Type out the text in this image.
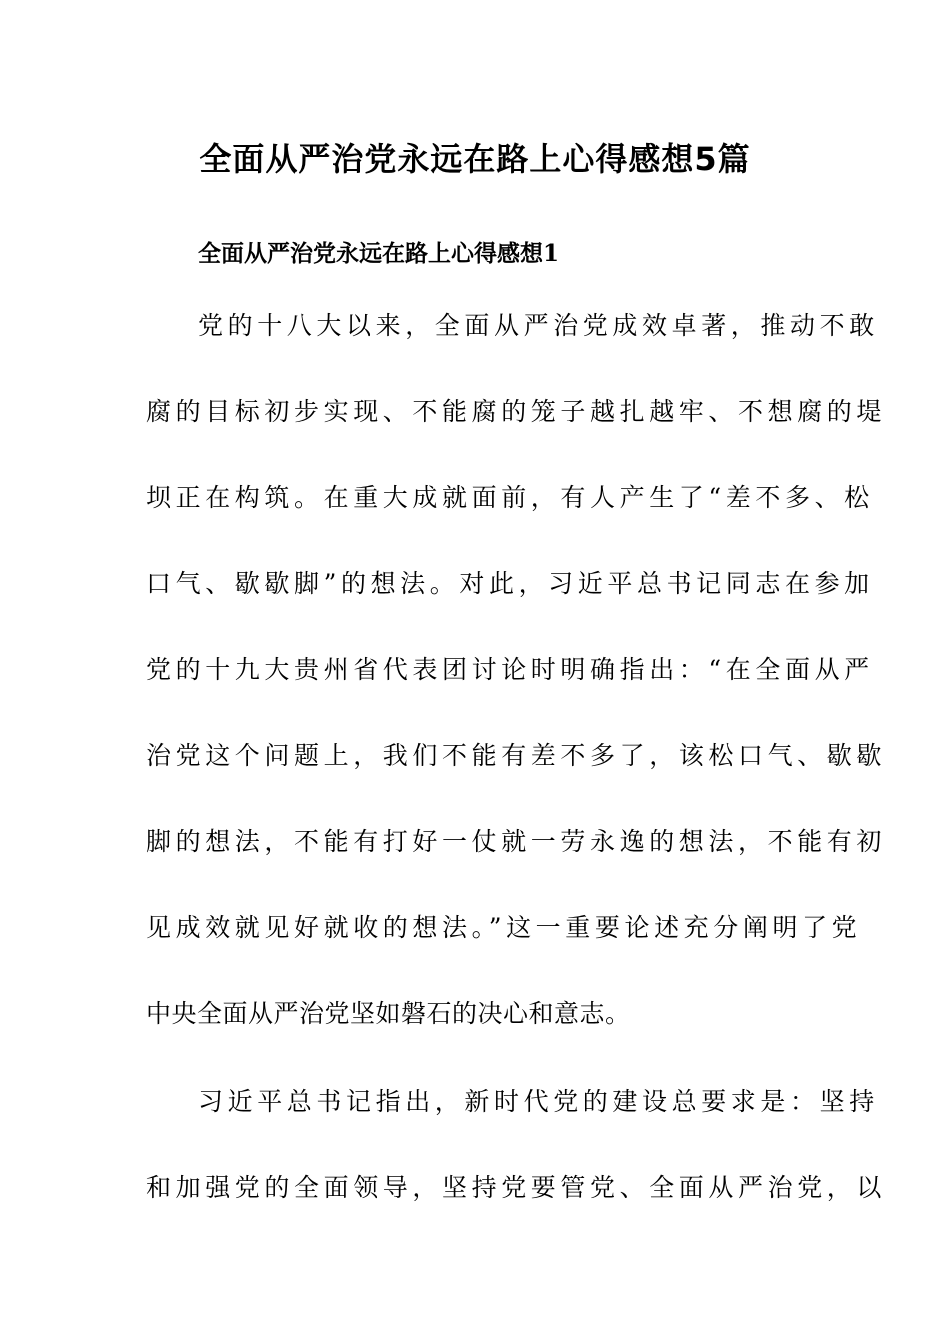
全面从严治党永远在路上心得感想5篇
全面从严治党永远在路上心得感想1
党的十八大以来，全面从严治党成效卓著，推动不敢
腐的目标初步实现、不能腐的笼子越扎越牢、不想腐的堤
坝正在构筑。在重大成就面前，有人产生了“差不多、松
口气、歇歇脚”的想法。对此，习近平总书记同志在参加
党的十九大贵州省代表团讨论时明确指出：“在全面从严
治党这个问题上，我们不能有差不多了，该松口气、歇歇
脚的想法，不能有打好一仗就一劳永逸的想法，不能有初
见成效就见好就收的想法。”这一重要论述充分阐明了党
中央全面从严治党坚如磐石的决心和意志。
习近平总书记指出，新时代党的建设总要求是：坚持
和加强党的全面领导，坚持党要管党、全面从严治党，以
